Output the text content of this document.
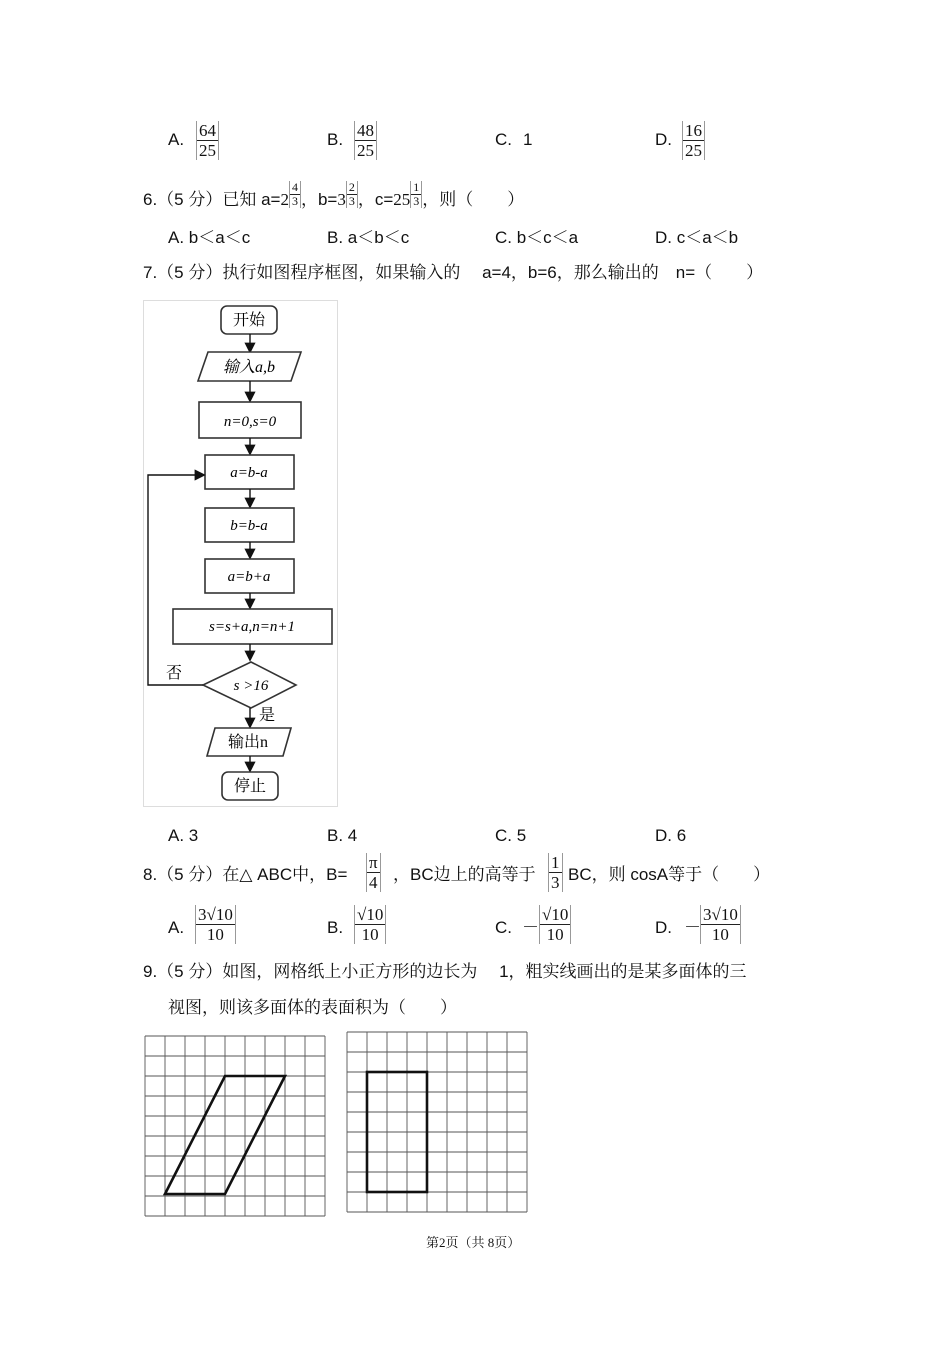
A. 64
25
B. 48
25
C. 1	D. 16
25
6.（5 分）已知 $a=2 \frac{4}{3}$ ，$b=3 \frac{2}{3}$ ，$c=25 \frac{1}{3}$ ，则（　　）
A. b＜a＜c	B. a＜b＜c	C. b＜c＜a	D. c＜a＜b
7.（5 分）执行如图程序框图，如果输入的　 a=4，b=6，那么输出的　n=（　　）
开始
输入a,b
n=0,s=0
a=b-a
b=b-a
a=b+a
s=s+a,n=n+1
s >16
否
是
输出n
停止
A. 3	B. 4	C. 5	D. 6
8.（5 分）在△ ABC中，B=
π
4 ，BC边上的高等于
1
3 BC，则 cosA等于（　　）
A.
3√10
10	B.
√10
10	C. －
√10
10	D. －
3√10
10
9.（5 分）如图，网格纸上小正方形的边长为　 1，粗实线画出的是某多面体的三
视图，则该多面体的表面积为（　　）
第2页（共 8页）
